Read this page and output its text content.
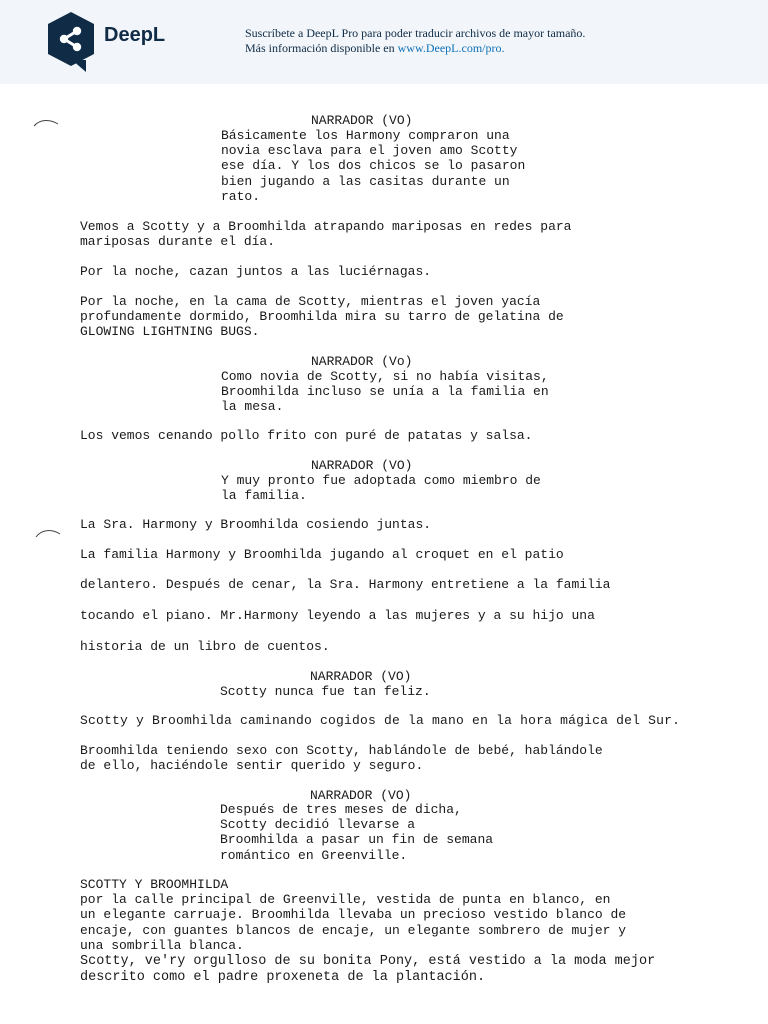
DeepL	Suscríbete a DeepL Pro para poder traducir archivos de mayor tamaño.
Más información disponible en www.DeepL.com/pro.

NARRADOR (VO)

Básicamente los Harmony compraron una
novia esclava para el joven amo Scotty
ese día. Y los dos chicos se lo pasaron
bien jugando a las casitas durante un
rato.

Vemos a Scotty y a Broomhilda atrapando mariposas en redes para
mariposas durante el día.

Por la noche, cazan juntos a las luciérnagas.

Por la noche, en la cama de Scotty, mientras el joven yacía
profundamente dormido, Broomhilda mira su tarro de gelatina de
GLOWING LIGHTNING BUGS.

NARRADOR (Vo)

Como novia de Scotty, si no había visitas,
Broomhilda incluso se unía a la familia en
la mesa.

Los vemos cenando pollo frito con puré de patatas y salsa.

NARRADOR (VO)

Y muy pronto fue adoptada como miembro de
la familia.

La Sra. Harmony y Broomhilda cosiendo juntas.

La familia Harmony y Broomhilda jugando al croquet en el patio

delantero. Después de cenar, la Sra. Harmony entretiene a la familia

tocando el piano. Mr.Harmony leyendo a las mujeres y a su hijo una

historia de un libro de cuentos.

NARRADOR (VO)

Scotty nunca fue tan feliz.

Scotty y Broomhilda caminando cogidos de la mano en la hora mágica del Sur.

Broomhilda teniendo sexo con Scotty, hablándole de bebé, hablándole
de ello, haciéndole sentir querido y seguro.

NARRADOR (VO)

Después de tres meses de dicha,
Scotty decidió llevarse a
Broomhilda a pasar un fin de semana
romántico en Greenville.

SCOTTY Y BROOMHILDA
por la calle principal de Greenville, vestida de punta en blanco, en
un elegante carruaje. Broomhilda llevaba un precioso vestido blanco de
encaje, con guantes blancos de encaje, un elegante sombrero de mujer y
una sombrilla blanca.

Scotty, ve'ry orgulloso de su bonita Pony, está vestido a la moda mejor
descrito como el padre proxeneta de la plantación.
